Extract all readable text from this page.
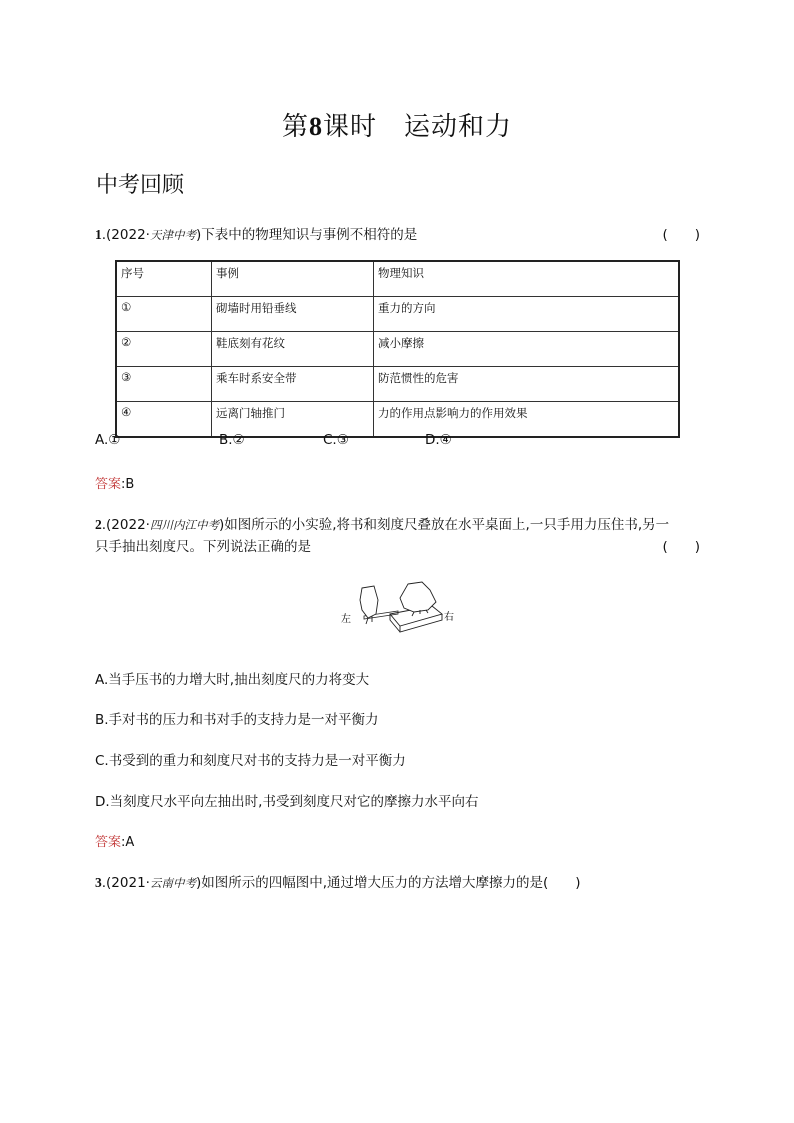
第8课时　运动和力
中考回顾
1.(2022·天津中考)下表中的物理知识与事例不相符的是	(　　)
序号	事例	物理知识
①	砌墙时用铅垂线	重力的方向
②	鞋底刻有花纹	减小摩擦
③	乘车时系安全带	防范惯性的危害
④	远离门轴推门	力的作用点影响力的作用效果
A.①	B.②	C.③	D.④
答案:B
2.(2022·四川内江中考)如图所示的小实验,将书和刻度尺叠放在水平桌面上,一只手用力压住书,另一
只手抽出刻度尺。下列说法正确的是	(　　)
左	右
A.当手压书的力增大时,抽出刻度尺的力将变大
B.手对书的压力和书对手的支持力是一对平衡力
C.书受到的重力和刻度尺对书的支持力是一对平衡力
D.当刻度尺水平向左抽出时,书受到刻度尺对它的摩擦力水平向右
答案:A
3.(2021·云南中考)如图所示的四幅图中,通过增大压力的方法增大摩擦力的是(　　)
